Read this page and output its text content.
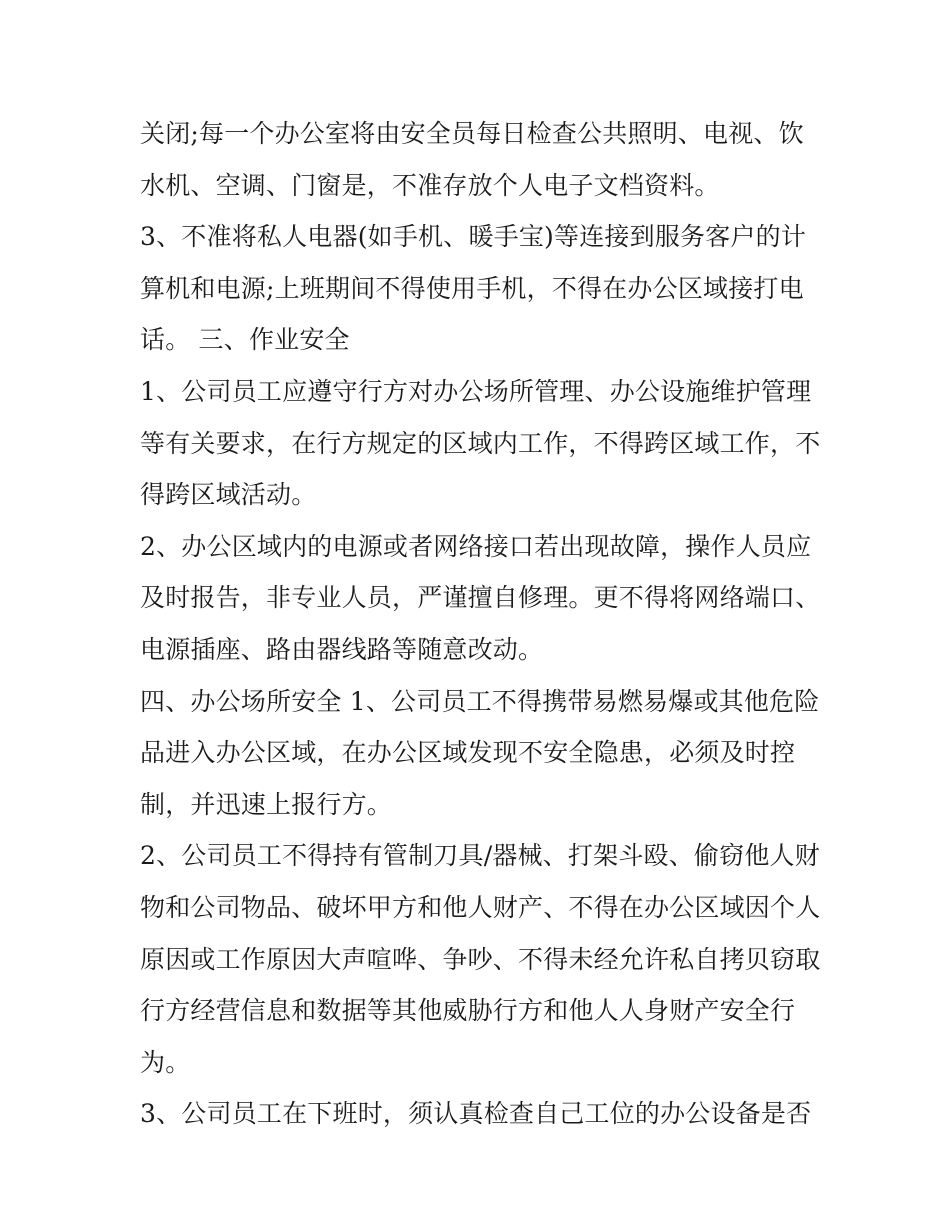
关闭;每一个办公室将由安全员每日检查公共照明、电视、饮
水机、空调、门窗是，不准存放个人电子文档资料。
3、不准将私人电器(如手机、暖手宝)等连接到服务客户的计
算机和电源;上班期间不得使用手机，不得在办公区域接打电
话。 三、作业安全
1、公司员工应遵守行方对办公场所管理、办公设施维护管理
等有关要求，在行方规定的区域内工作，不得跨区域工作，不
得跨区域活动。
2、办公区域内的电源或者网络接口若出现故障，操作人员应
及时报告，非专业人员，严谨擅自修理。更不得将网络端口、
电源插座、路由器线路等随意改动。
四、办公场所安全 1、公司员工不得携带易燃易爆或其他危险
品进入办公区域，在办公区域发现不安全隐患，必须及时控
制，并迅速上报行方。
2、公司员工不得持有管制刀具/器械、打架斗殴、偷窃他人财
物和公司物品、破坏甲方和他人财产、不得在办公区域因个人
原因或工作原因大声喧哗、争吵、不得未经允许私自拷贝窃取
行方经营信息和数据等其他威胁行方和他人人身财产安全行
为。
3、公司员工在下班时，须认真检查自己工位的办公设备是否
